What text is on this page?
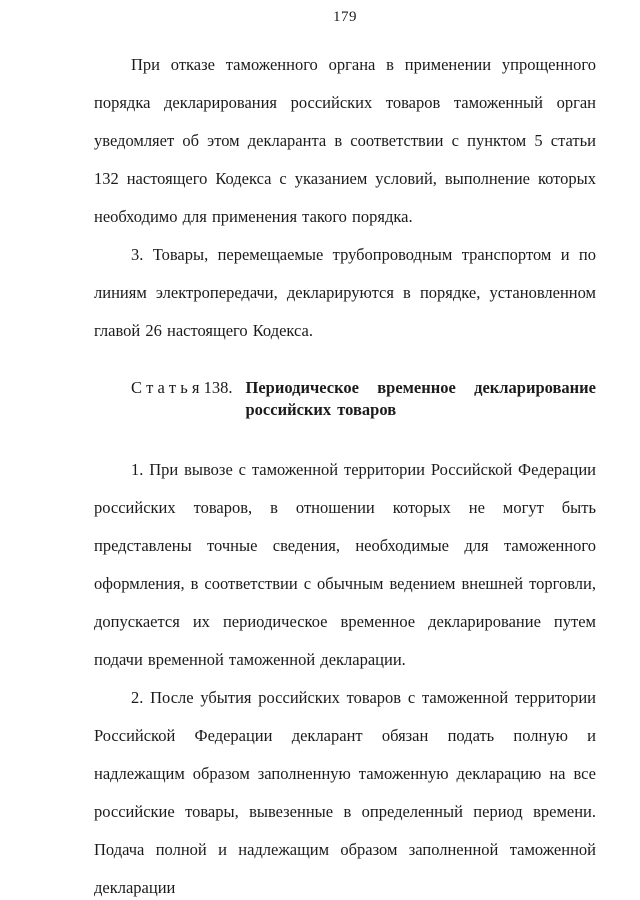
179

При отказе таможенного органа в применении упрощенного порядка декларирования российских товаров таможенный орган уведомляет об этом декларанта в соответствии с пунктом 5 статьи 132 настоящего Кодекса с указанием условий, выполнение которых необходимо для применения такого порядка.

3. Товары, перемещаемые трубопроводным транспортом и по линиям электропередачи, декларируются в порядке, установленном главой 26 настоящего Кодекса.

С т а т ь я 138. Периодическое временное декларирование российских товаров

1. При вывозе с таможенной территории Российской Федерации российских товаров, в отношении которых не могут быть представлены точные сведения, необходимые для таможенного оформления, в соответствии с обычным ведением внешней торговли, допускается их периодическое временное декларирование путем подачи временной таможенной декларации.

2. После убытия российских товаров с таможенной территории Российской Федерации декларант обязан подать полную и надлежащим образом заполненную таможенную декларацию на все российские товары, вывезенные в определенный период времени. Подача полной и надлежащим образом заполненной таможенной декларации
